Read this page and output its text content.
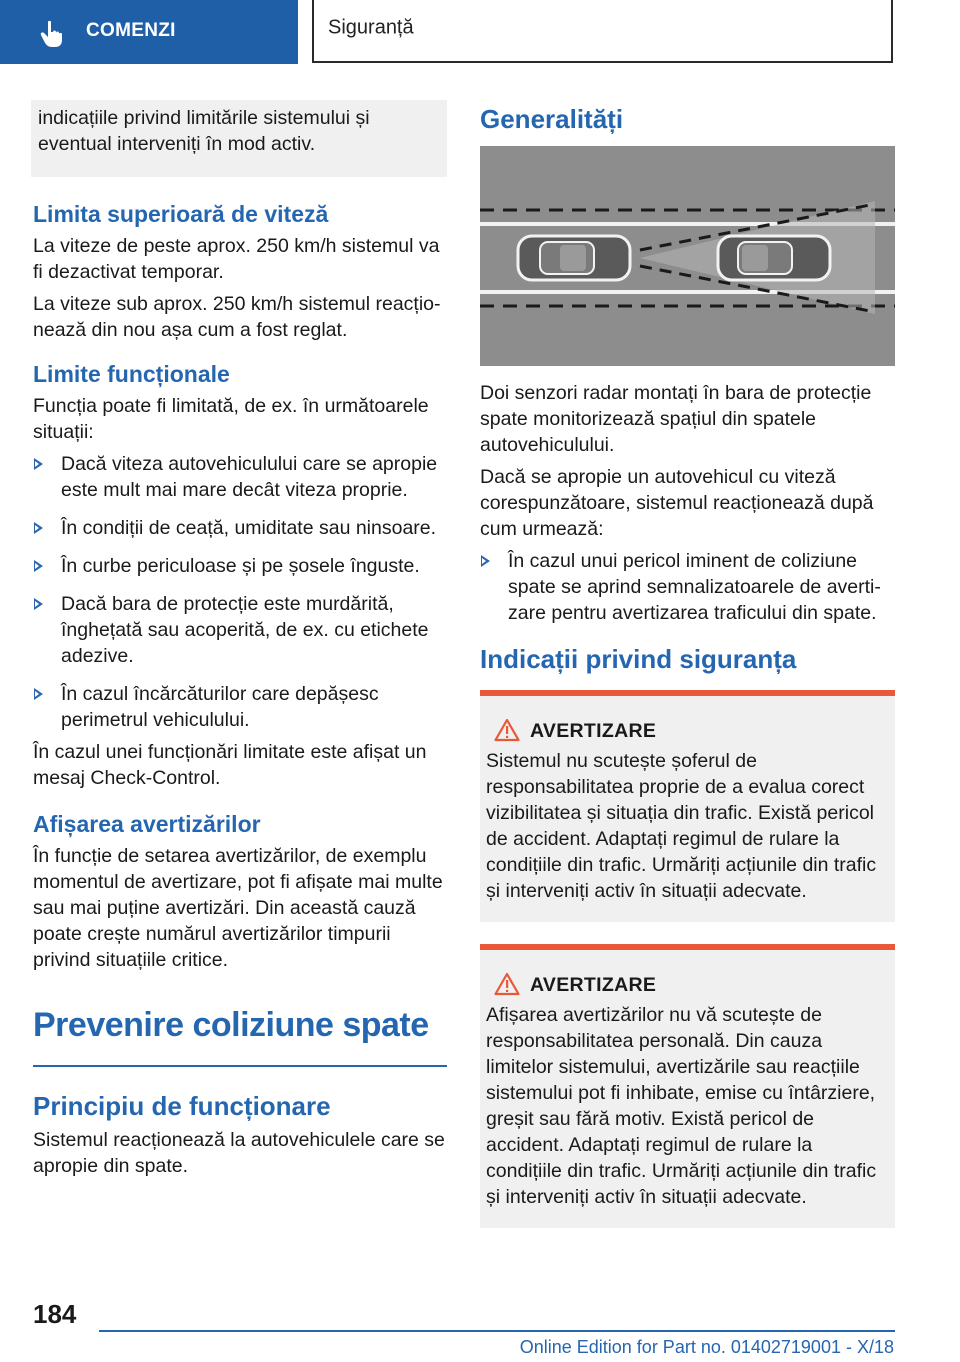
COMENZI	Siguranță
indicațiile privind limitările sistemului și eventual interveniți în mod activ.
Limita superioară de viteză

La viteze de peste aprox. 250 km/h sistemul va fi dezactivat temporar.

La viteze sub aprox. 250 km/h sistemul reacționează din nou așa cum a fost reglat.

Limite funcționale

Funcția poate fi limitată, de ex. în următoarele situații:

Dacă viteza autovehiculului care se apropie este mult mai mare decât viteza proprie.
În condiții de ceață, umiditate sau ninsoare.
În curbe periculoase și pe șosele înguste.
Dacă bara de protecție este murdărită, înghețată sau acoperită, de ex. cu etichete adezive.
În cazul încărcăturilor care depășesc perimetrul vehiculului.

În cazul unei funcționări limitate este afișat un mesaj Check-Control.

Afișarea avertizărilor

În funcție de setarea avertizărilor, de exemplu momentul de avertizare, pot fi afișate mai multe sau mai puține avertizări. Din această cauză poate crește numărul avertizărilor timpurii privind situațiile critice.

Prevenire coliziune spate
Principiu de funcționare

Sistemul reacționează la autovehiculele care se apropie din spate.

Generalități

Doi senzori radar montați în bara de protecție spate monitorizează spațiul din spatele autovehiculului.

Dacă se apropie un autovehicul cu viteză corespunzătoare, sistemul reacționează după cum urmează:

În cazul unui pericol iminent de coliziune spate se aprind semnalizatoarele de avertizare pentru avertizarea traficului din spate.
Indicații privind siguranța
AVERTIZARE

Sistemul nu scutește șoferul de responsabilitatea proprie de a evalua corect vizibilitatea și situația din trafic. Există pericol de accident. Adaptați regimul de rulare la condițiile din trafic. Urmăriți acțiunile din trafic și interveniți activ în situații adecvate.

AVERTIZARE

Afișarea avertizărilor nu vă scutește de responsabilitatea personală. Din cauza limitelor sistemului, avertizările sau reacțiile sistemului pot fi inhibate, emise cu întârziere, greșit sau fără motiv. Există pericol de accident. Adaptați regimul de rulare la condițiile din trafic. Urmăriți acțiunile din trafic și interveniți activ în situații adecvate.

184
Online Edition for Part no. 01402719001 - X/18
